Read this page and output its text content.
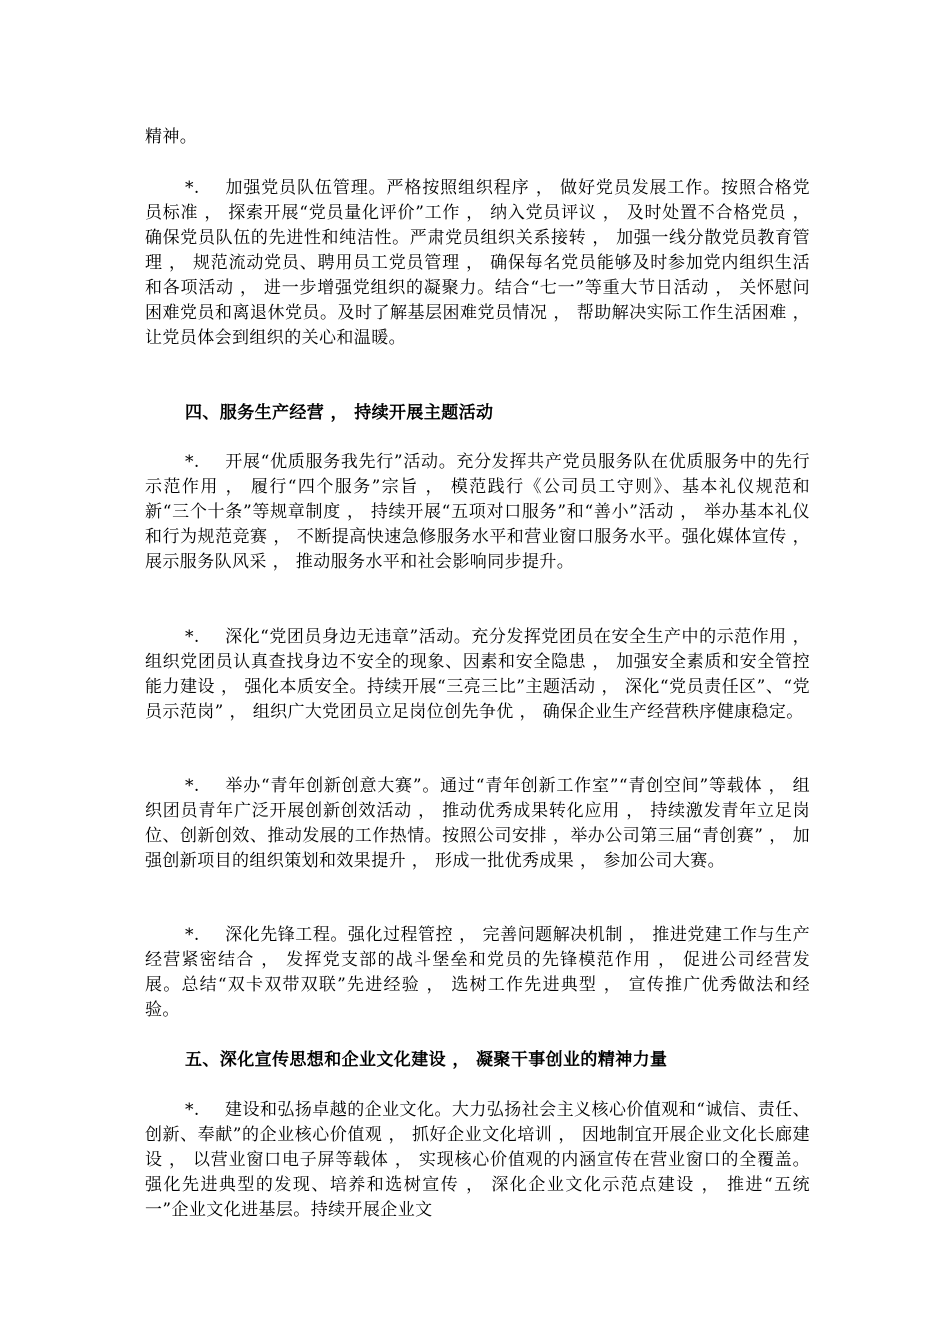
精神。

*. 加强党员队伍管理。严格按照组织程序 ， 做好党员发展工作。按照合格党员标准 ， 探索开展“党员量化评价”工作 ， 纳入党员评议 ， 及时处置不合格党员 ， 确保党员队伍的先进性和纯洁性。严肃党员组织关系接转 ， 加强一线分散党员教育管理 ， 规范流动党员、聘用员工党员管理 ， 确保每名党员能够及时参加党内组织生活和各项活动 ， 进一步增强党组织的凝聚力。结合“七一”等重大节日活动 ， 关怀慰问困难党员和离退休党员。及时了解基层困难党员情况 ， 帮助解决实际工作生活困难 ， 让党员体会到组织的关心和温暖。

四、服务生产经营 ， 持续开展主题活动

*. 开展“优质服务我先行”活动。充分发挥共产党员服务队在优质服务中的先行示范作用 ， 履行“四个服务”宗旨 ， 模范践行《公司员工守则》、基本礼仪规范和新“三个十条”等规章制度 ， 持续开展“五项对口服务”和“善小”活动 ， 举办基本礼仪和行为规范竞赛 ， 不断提高快速急修服务水平和营业窗口服务水平。强化媒体宣传 ， 展示服务队风采 ， 推动服务水平和社会影响同步提升。

*. 深化“党团员身边无违章”活动。充分发挥党团员在安全生产中的示范作用 ， 组织党团员认真查找身边不安全的现象、因素和安全隐患 ， 加强安全素质和安全管控能力建设 ， 强化本质安全。持续开展“三亮三比”主题活动 ， 深化“党员责任区”、“党员示范岗” ， 组织广大党团员立足岗位创先争优 ， 确保企业生产经营秩序健康稳定。

*. 举办“青年创新创意大赛”。通过“青年创新工作室”“青创空间”等载体 ， 组织团员青年广泛开展创新创效活动 ， 推动优秀成果转化应用 ， 持续激发青年立足岗位、创新创效、推动发展的工作热情。按照公司安排 ，举办公司第三届“青创赛” ， 加强创新项目的组织策划和效果提升 ， 形成一批优秀成果 ， 参加公司大赛。

*. 深化先锋工程。强化过程管控 ， 完善问题解决机制 ， 推进党建工作与生产经营紧密结合 ， 发挥党支部的战斗堡垒和党员的先锋模范作用 ， 促进公司经营发展。总结“双卡双带双联”先进经验 ， 选树工作先进典型 ， 宣传推广优秀做法和经验。

五、深化宣传思想和企业文化建设 ， 凝聚干事创业的精神力量

*. 建设和弘扬卓越的企业文化。大力弘扬社会主义核心价值观和“诚信、责任、创新、奉献”的企业核心价值观 ， 抓好企业文化培训 ， 因地制宜开展企业文化长廊建设 ， 以营业窗口电子屏等载体 ， 实现核心价值观的内涵宣传在营业窗口的全覆盖。强化先进典型的发现、培养和选树宣传 ， 深化企业文化示范点建设 ， 推进“五统一”企业文化进基层。持续开展企业文
